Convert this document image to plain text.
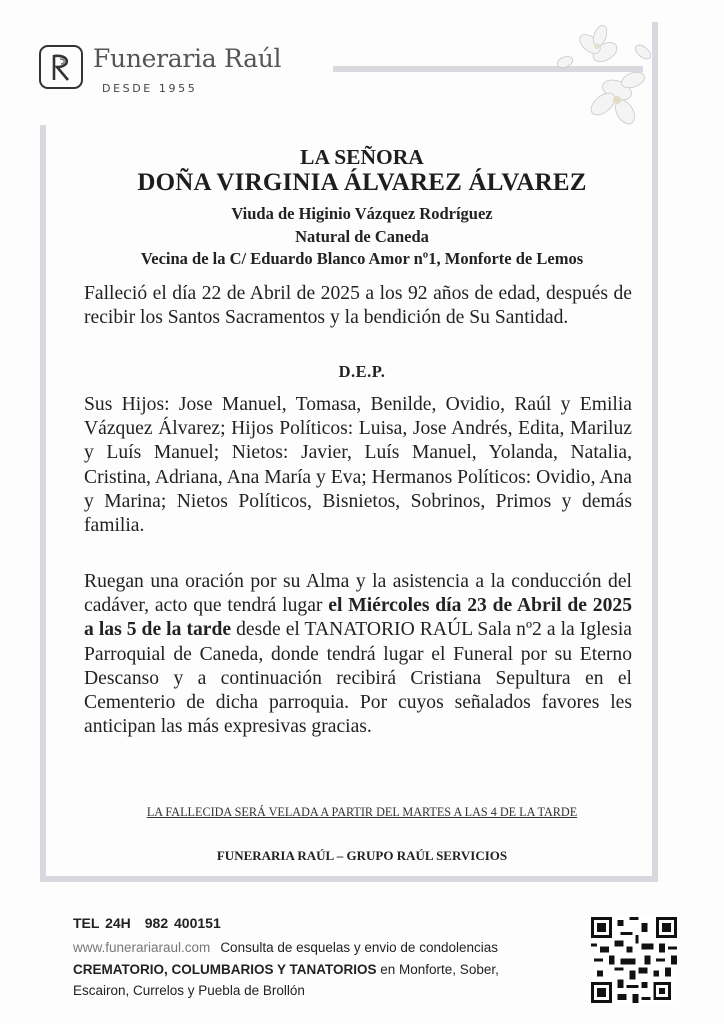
Funeraria Raúl
DESDE 1955
LA SEÑORA
DOÑA VIRGINIA ÁLVAREZ ÁLVAREZ
Viuda de Higinio Vázquez Rodríguez
Natural de Caneda
Vecina de la C/ Eduardo Blanco Amor nº1, Monforte de Lemos
Falleció el día 22 de Abril de 2025 a los 92 años de edad, después de recibir los Santos Sacramentos y la bendición de Su Santidad.
D.E.P.
Sus Hijos: Jose Manuel, Tomasa, Benilde, Ovidio, Raúl y Emilia Vázquez Álvarez; Hijos Políticos: Luisa, Jose Andrés, Edita, Mariluz y Luís Manuel; Nietos: Javier, Luís Manuel, Yolanda, Natalia, Cristina, Adriana, Ana María y Eva; Hermanos Políticos: Ovidio, Ana y Marina; Nietos Políticos, Bisnietos, Sobrinos, Primos y demás familia.
Ruegan una oración por su Alma y la asistencia a la conducción del cadáver, acto que tendrá lugar el Miércoles día 23 de Abril de 2025 a las 5 de la tarde desde el TANATORIO RAÚL Sala nº2 a la Iglesia Parroquial de Caneda, donde tendrá lugar el Funeral por su Eterno Descanso y a continuación recibirá Cristiana Sepultura en el Cementerio de dicha parroquia. Por cuyos señalados favores les anticipan las más expresivas gracias.
LA FALLECIDA SERÁ VELADA A PARTIR DEL MARTES A LAS 4 DE LA TARDE
FUNERARIA RAÚL – GRUPO RAÚL SERVICIOS
TEL 24H 982 400151
www.funerariaraul.com Consulta de esquelas y envio de condolencias CREMATORIO, COLUMBARIOS Y TANATORIOS en Monforte, Sober, Escairon, Currelos y Puebla de Brollón
